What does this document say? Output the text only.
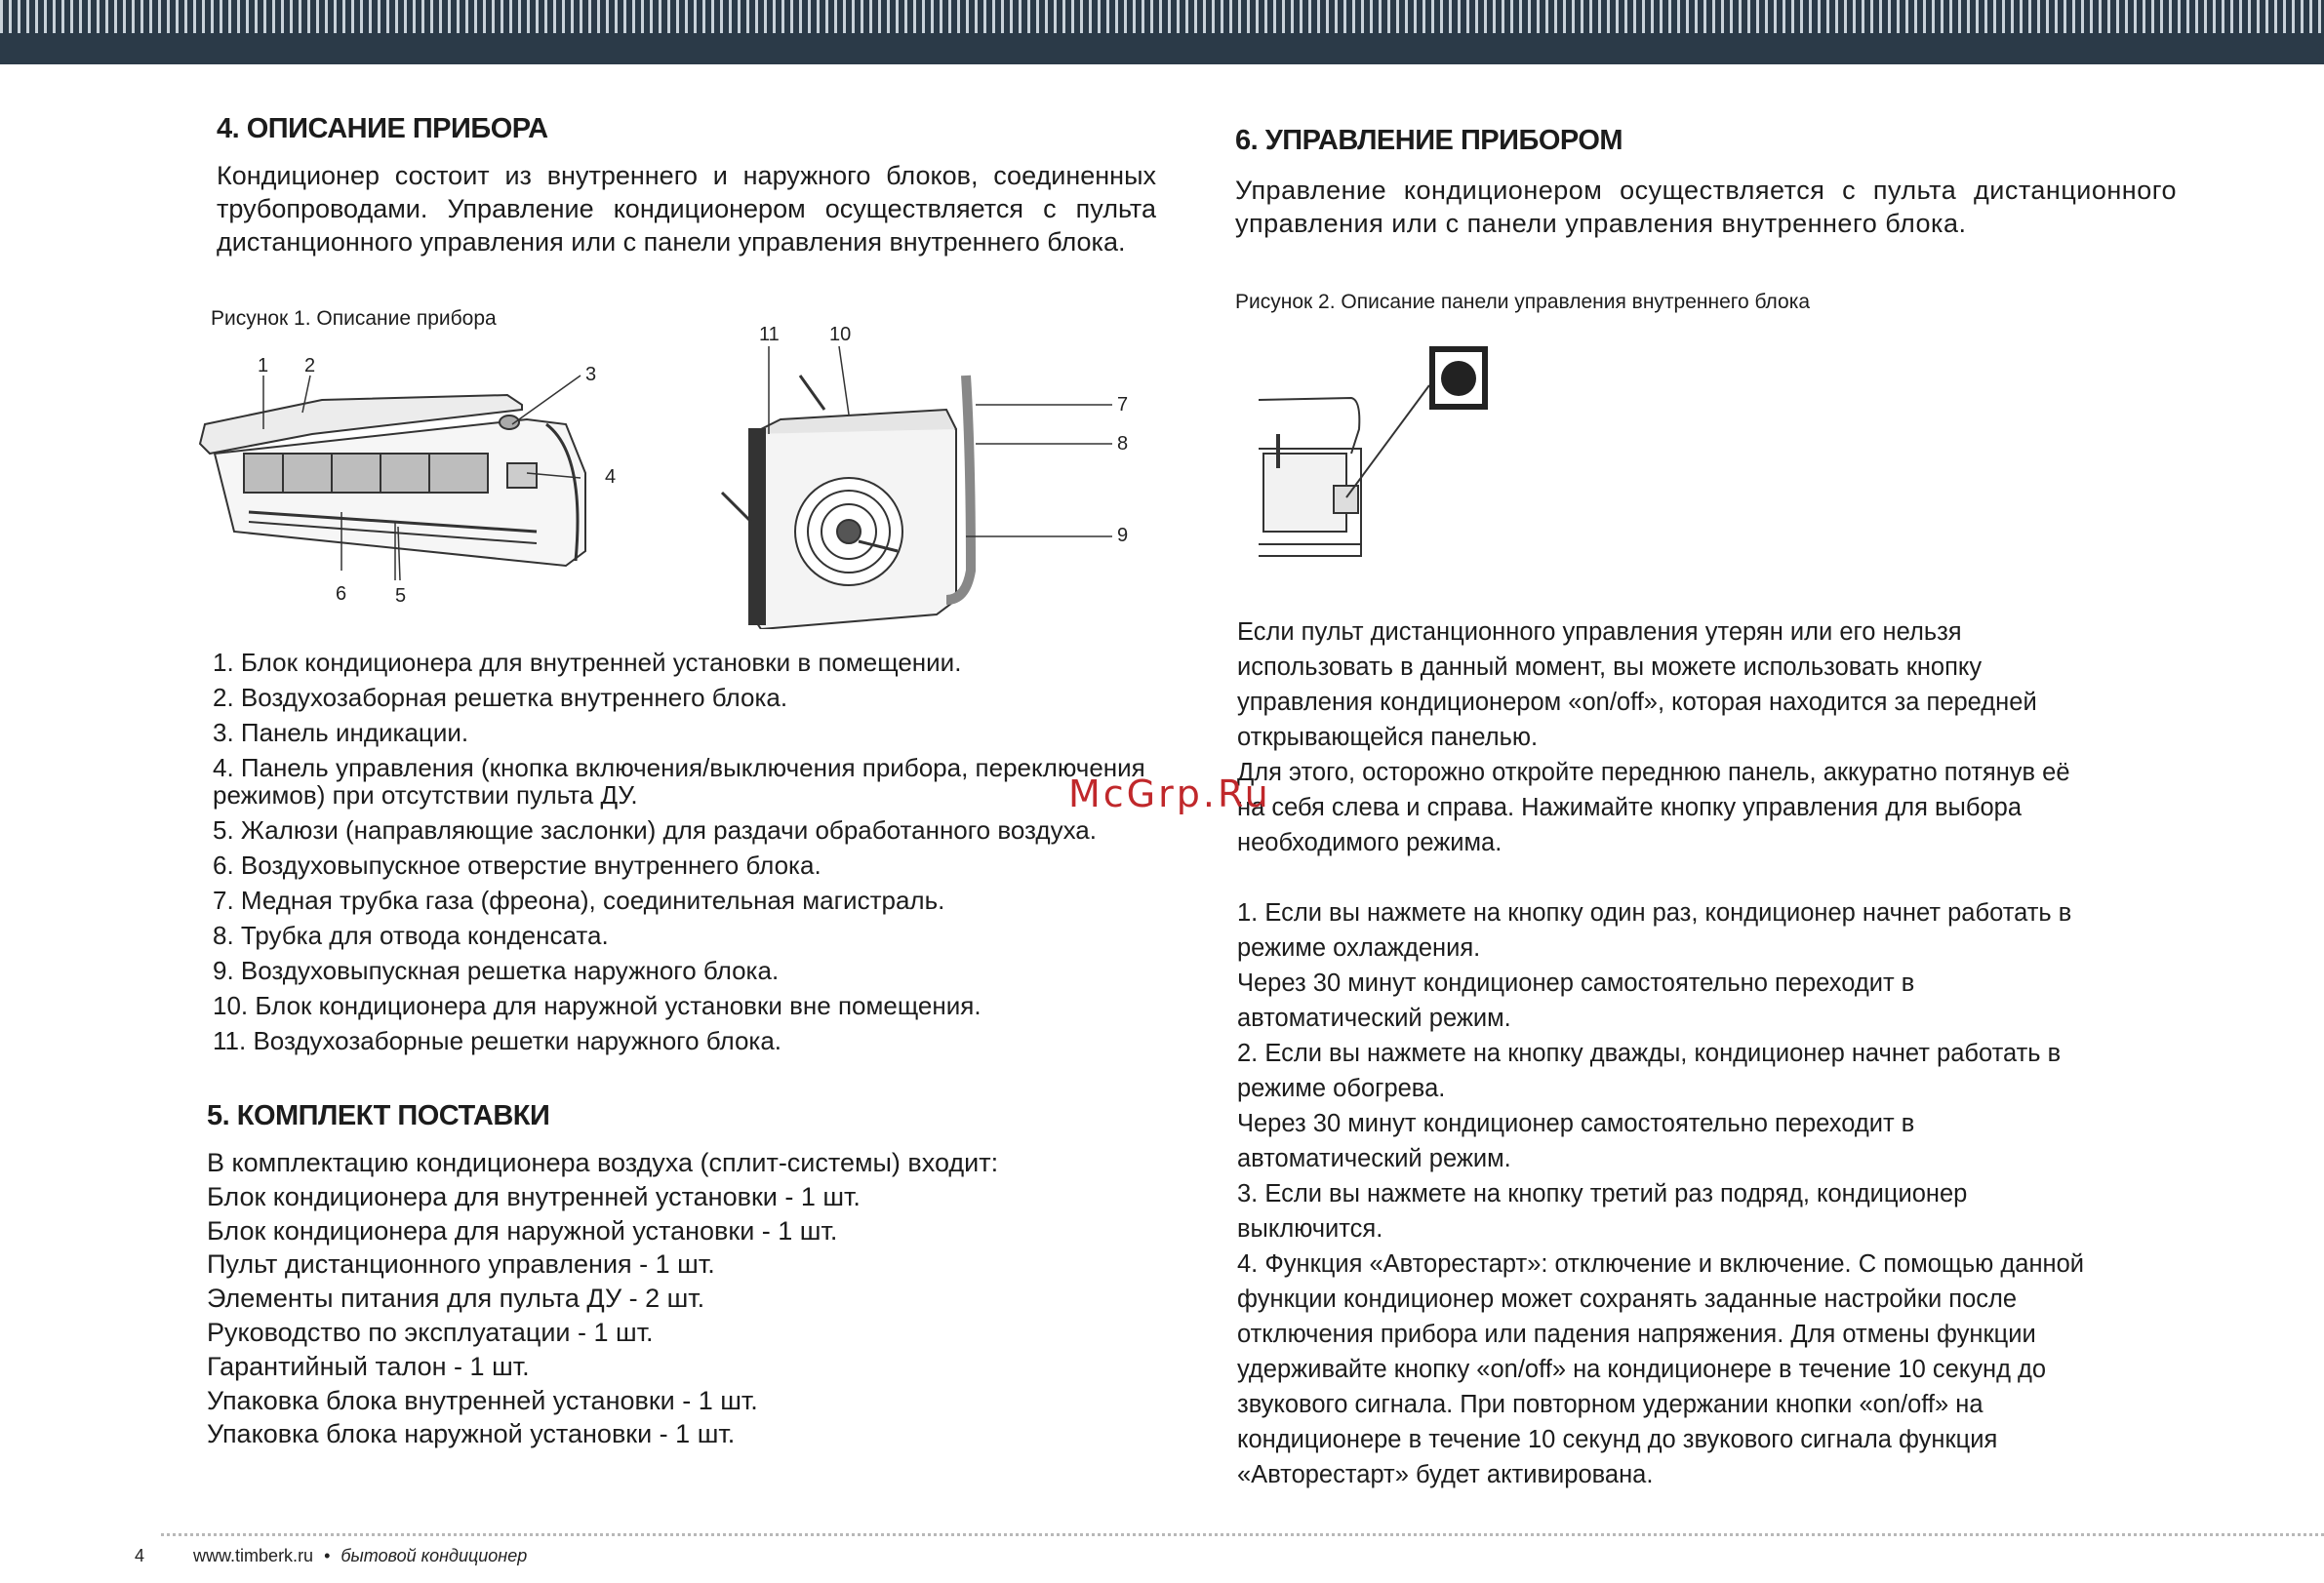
4. ОПИСАНИЕ ПРИБОРА

Кондиционер состоит из внутреннего и наружного блоков, соединенных трубопроводами. Управление кондиционером осуществляется с пульта дистанционного управления или с панели управления внутреннего блока.

Рисунок 1. Описание прибора

1 2	3
4
5
6
7
8
9
10
11
1. Блок кондиционера для внутренней установки в помещении.
2. Воздухозаборная решетка внутреннего блока.
3. Панель индикации.
4. Панель управления (кнопка включения/выключения прибора, переключения режимов) при отсутствии пульта ДУ.
5. Жалюзи (направляющие заслонки) для раздачи обработанного воздуха.
6. Воздуховыпускное отверстие внутреннего блока.
7. Медная трубка газа (фреона), соединительная магистраль.
8. Трубка для отвода конденсата.
9. Воздуховыпускная решетка наружного блока.
10. Блок кондиционера для наружной установки вне помещения.
11. Воздухозаборные решетки наружного блока.
5. КОМПЛЕКТ ПОСТАВКИ

В комплектацию кондиционера воздуха (сплит-системы) входит:

Блок кондиционера для внутренней установки - 1 шт.

Блок кондиционера для наружной установки - 1 шт.

Пульт дистанционного управления - 1 шт.

Элементы питания для пульта ДУ - 2 шт.

Руководство по эксплуатации - 1 шт.

Гарантийный талон - 1 шт.

Упаковка блока внутренней установки - 1 шт.

Упаковка блока наружной установки - 1 шт.

6. УПРАВЛЕНИЕ ПРИБОРОМ

Управление кондиционером осуществляется с пульта дистанционного управления или с панели управления внутреннего блока.

Рисунок 2. Описание панели управления внутреннего блока

Если пульт дистанционного управления утерян или его нельзя

использовать в данный момент, вы можете использовать кнопку

управления кондиционером «on/off», которая находится за передней

открывающейся панелью.

Для этого, осторожно откройте переднюю панель, аккуратно потянув её

на себя слева и справа. Нажимайте кнопку управления для выбора

необходимого режима.

1. Если вы нажмете на кнопку один раз, кондиционер начнет работать в

режиме охлаждения.

Через 30 минут кондиционер самостоятельно переходит в

автоматический режим.

2. Если вы нажмете на кнопку дважды, кондиционер начнет работать в

режиме обогрева.

Через 30 минут кондиционер самостоятельно переходит в

автоматический режим.

3. Если вы нажмете на кнопку третий раз подряд, кондиционер

выключится.

4. Функция «Авторестарт»: отключение и включение. С помощью данной

функции кондиционер может сохранять заданные настройки после

отключения прибора или падения напряжения. Для отмены функции

удерживайте кнопку «on/off» на кондиционере в течение 10 секунд до

звукового сигнала. При повторном удержании кнопки «on/off» на

кондиционере в течение 10 секунд до звукового сигнала функция

«Авторестарт» будет активирована.

McGrp.Ru
4	www.timberk.ru • бытовой кондиционер
